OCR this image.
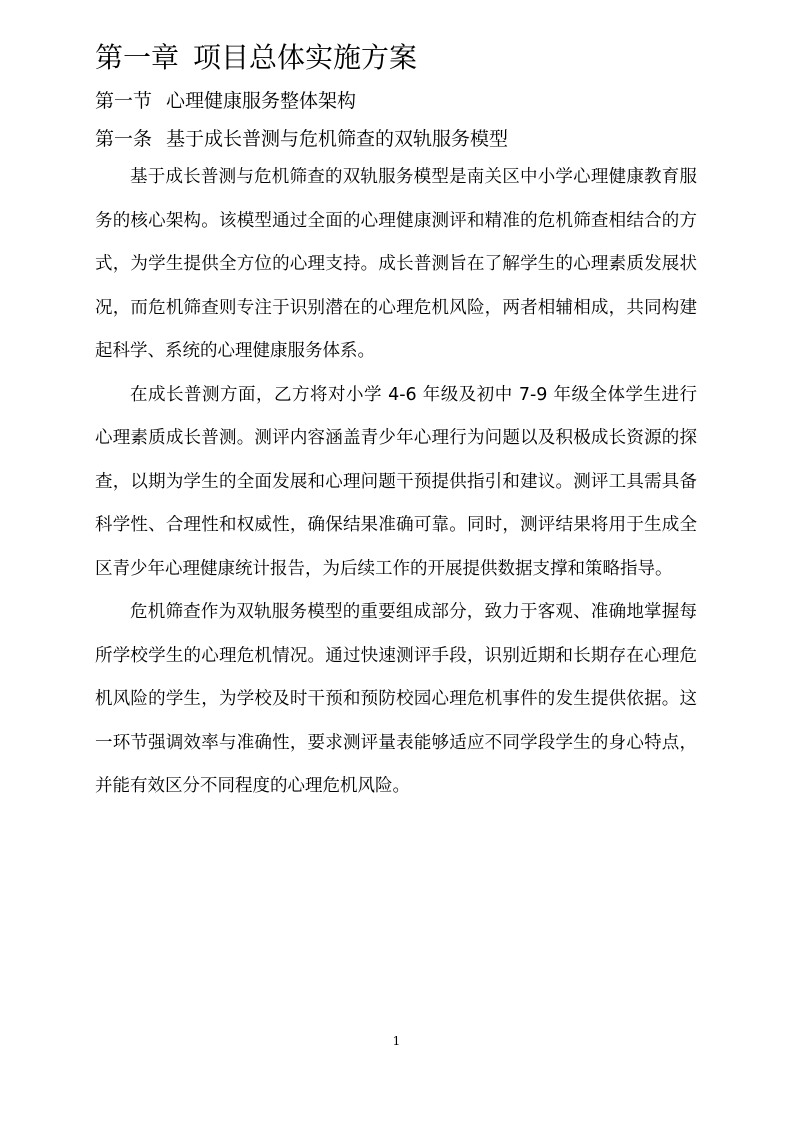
第一章 项目总体实施方案
第一节 心理健康服务整体架构
第一条 基于成长普测与危机筛查的双轨服务模型

基于成长普测与危机筛查的双轨服务模型是南关区中小学心理健康教育服务的核心架构。该模型通过全面的心理健康测评和精准的危机筛查相结合的方式，为学生提供全方位的心理支持。成长普测旨在了解学生的心理素质发展状况，而危机筛查则专注于识别潜在的心理危机风险，两者相辅相成，共同构建起科学、系统的心理健康服务体系。

在成长普测方面，乙方将对小学 4-6 年级及初中 7-9 年级全体学生进行心理素质成长普测。测评内容涵盖青少年心理行为问题以及积极成长资源的探查，以期为学生的全面发展和心理问题干预提供指引和建议。测评工具需具备科学性、合理性和权威性，确保结果准确可靠。同时，测评结果将用于生成全区青少年心理健康统计报告，为后续工作的开展提供数据支撑和策略指导。

危机筛查作为双轨服务模型的重要组成部分，致力于客观、准确地掌握每所学校学生的心理危机情况。通过快速测评手段，识别近期和长期存在心理危机风险的学生，为学校及时干预和预防校园心理危机事件的发生提供依据。这一环节强调效率与准确性，要求测评量表能够适应不同学段学生的身心特点，并能有效区分不同程度的心理危机风险。

1
